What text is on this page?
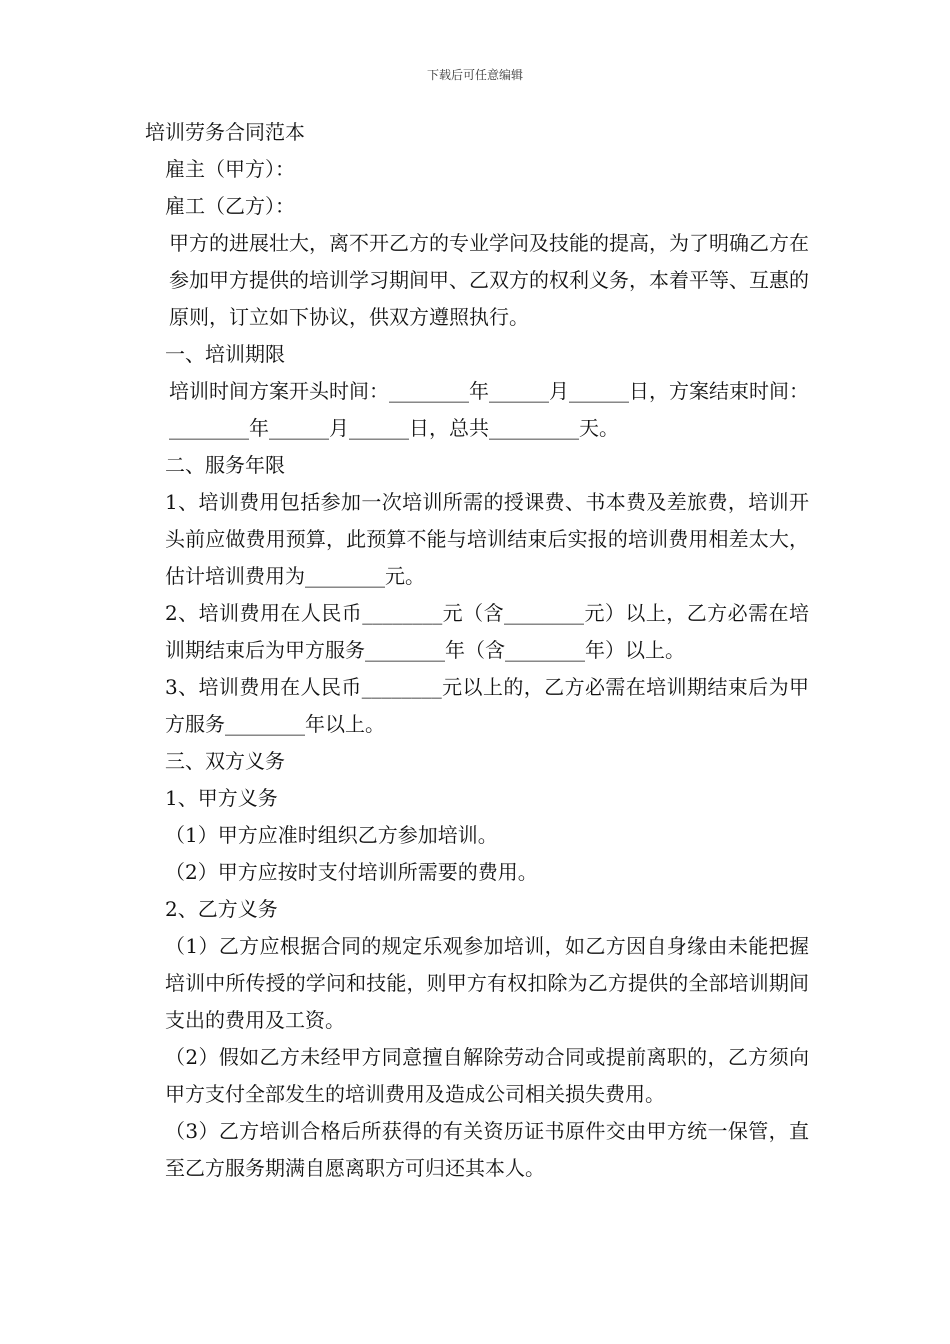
下载后可任意编辑

培训劳务合同范本

雇主（甲方）：

雇工（乙方）：

甲方的进展壮大，离不开乙方的专业学问及技能的提高，为了明确乙方在参加甲方提供的培训学习期间甲、乙双方的权利义务，本着平等、互惠的原则，订立如下协议，供双方遵照执行。

一、培训期限

培训时间方案开头时间：________年______月______日，方案结束时间：________年______月______日，总共_________天。

二、服务年限

1、培训费用包括参加一次培训所需的授课费、书本费及差旅费，培训开头前应做费用预算，此预算不能与培训结束后实报的培训费用相差太大，估计培训费用为________元。

2、培训费用在人民币________元（含________元）以上，乙方必需在培训期结束后为甲方服务________年（含________年）以上。

3、培训费用在人民币________元以上的，乙方必需在培训期结束后为甲方服务________年以上。

三、双方义务

1、甲方义务

（1）甲方应准时组织乙方参加培训。

（2）甲方应按时支付培训所需要的费用。

2、乙方义务

（1）乙方应根据合同的规定乐观参加培训，如乙方因自身缘由未能把握培训中所传授的学问和技能，则甲方有权扣除为乙方提供的全部培训期间支出的费用及工资。

（2）假如乙方未经甲方同意擅自解除劳动合同或提前离职的，乙方须向甲方支付全部发生的培训费用及造成公司相关损失费用。

（3）乙方培训合格后所获得的有关资历证书原件交由甲方统一保管，直至乙方服务期满自愿离职方可归还其本人。
